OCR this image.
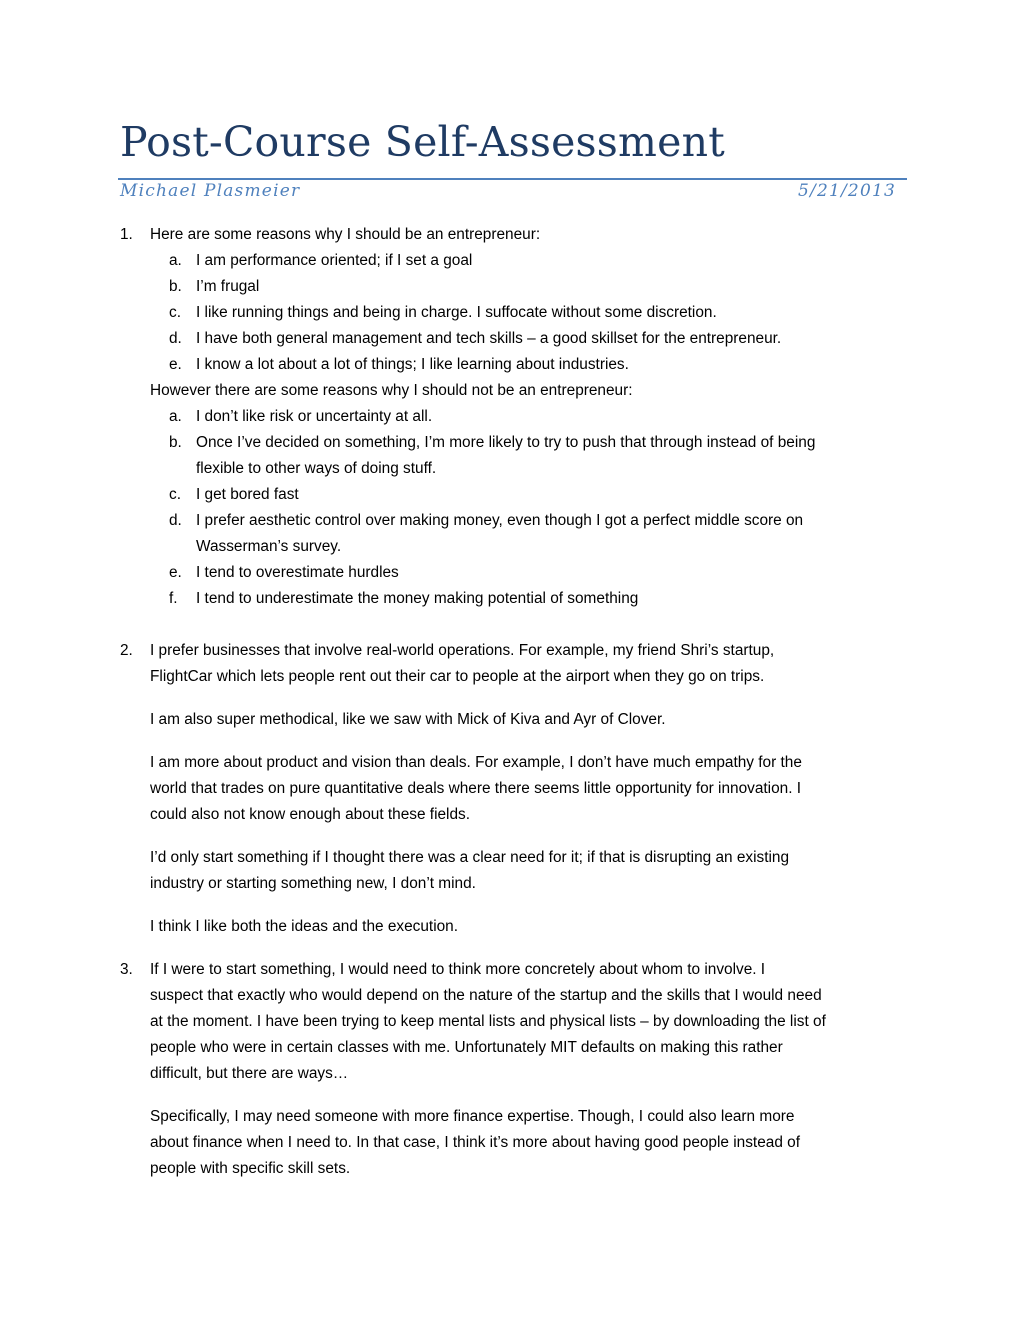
Post-Course Self-Assessment
Michael Plasmeier	5/21/2013
1. Here are some reasons why I should be an entrepreneur:
a. I am performance oriented; if I set a goal
b. I’m frugal
c. I like running things and being in charge. I suffocate without some discretion.
d. I have both general management and tech skills – a good skillset for the entrepreneur.
e. I know a lot about a lot of things; I like learning about industries.
However there are some reasons why I should not be an entrepreneur:
a. I don’t like risk or uncertainty at all.
b. Once I’ve decided on something, I’m more likely to try to push that through instead of being
flexible to other ways of doing stuff.
c. I get bored fast
d. I prefer aesthetic control over making money, even though I got a perfect middle score on
Wasserman’s survey.
e. I tend to overestimate hurdles
f. I tend to underestimate the money making potential of something
2. I prefer businesses that involve real-world operations. For example, my friend Shri’s startup,
FlightCar which lets people rent out their car to people at the airport when they go on trips.
I am also super methodical, like we saw with Mick of Kiva and Ayr of Clover.
I am more about product and vision than deals. For example, I don’t have much empathy for the
world that trades on pure quantitative deals where there seems little opportunity for innovation. I
could also not know enough about these fields.
I’d only start something if I thought there was a clear need for it; if that is disrupting an existing
industry or starting something new, I don’t mind.
I think I like both the ideas and the execution.
3. If I were to start something, I would need to think more concretely about whom to involve. I
suspect that exactly who would depend on the nature of the startup and the skills that I would need
at the moment. I have been trying to keep mental lists and physical lists – by downloading the list of
people who were in certain classes with me. Unfortunately MIT defaults on making this rather
difficult, but there are ways…
Specifically, I may need someone with more finance expertise. Though, I could also learn more
about finance when I need to. In that case, I think it’s more about having good people instead of
people with specific skill sets.
